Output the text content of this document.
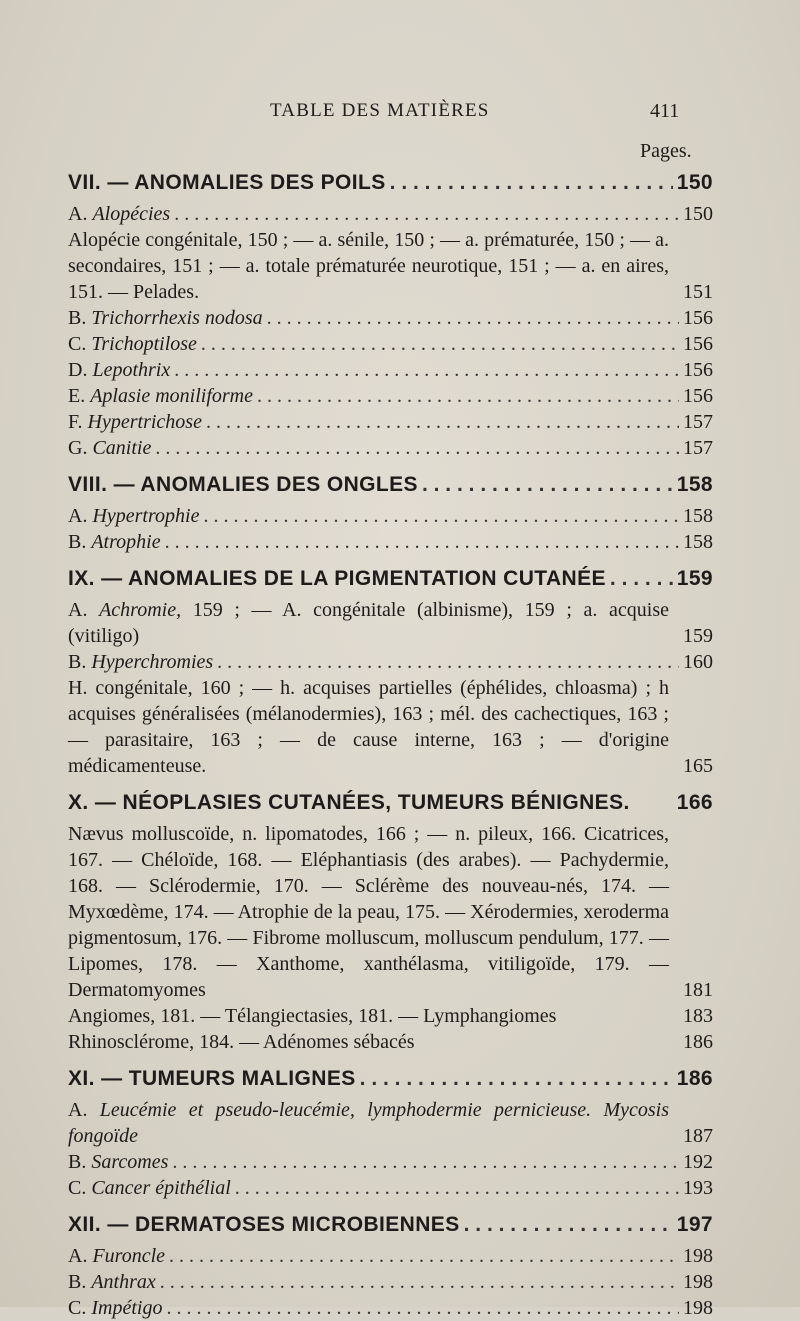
TABLE DES MATIÈRES	411
Pages.
VII. — ANOMALIES DES POILS . . .	150
A. Alopécies . . .	150
Alopécie congénitale, 150 ; — a. sénile, 150 ; — a. prématurée, 150 ; — a. secondaires, 151 ; — a. totale prématurée neurotique, 151 ; — a. en aires, 151. — Pelades.	151
B. Trichorrhexis nodosa . . .	156
C. Trichoptilose . . .	156
D. Lepothrix . . .	156
E. Aplasie moniliforme . . .	156
F. Hypertrichose . . .	157
G. Canitie . . .	157
VIII. — ANOMALIES DES ONGLES . . .	158
A. Hypertrophie . . .	158
B. Atrophie . . .	158
IX. — ANOMALIES DE LA PIGMENTATION CUTANÉE . . .	159
A. Achromie, 159 ; — A. congénitale (albinisme), 159 ; a. acquise (vitiligo)	159
B. Hyperchromies . . .	160
H. congénitale, 160 ; — h. acquises partielles (éphélides, chloasma) ; h acquises généralisées (mélanodermies), 163 ; mél. des cachectiques, 163 ; — parasitaire, 163 ; — de cause interne, 163 ; — d'origine médicamenteuse.	165
X. — NÉOPLASIES CUTANÉES, TUMEURS BÉNIGNES. 166
Nævus molluscoïde, n. lipomatodes, 166 ; — n. pileux, 166. Cicatrices, 167. — Chéloïde, 168. — Eléphantiasis (des arabes). — Pachydermie, 168. — Sclérodermie, 170. — Sclérème des nouveau-nés, 174. — Myxœdème, 174. — Atrophie de la peau, 175. — Xérodermies, xeroderma pigmentosum, 176. — Fibrome molluscum, molluscum pendulum, 177. — Lipomes, 178. — Xanthome, xanthélasma, vitiligoïde, 179. — Dermatomyomes	181
Angiomes, 181. — Télangiectasies, 181. — Lymphangiomes	183
Rhinosclérome, 184. — Adénomes sébacés	186
XI. — TUMEURS MALIGNES . . .	186
A. Leucémie et pseudo-leucémie, lymphodermie pernicieuse. Mycosis fongoïde	187
B. Sarcomes . . .	192
C. Cancer épithélial . . .	193
XII. — DERMATOSES MICROBIENNES . . .	197
A. Furoncle . . .	198
B. Anthrax . . .	198
C. Impétigo . . .	198
